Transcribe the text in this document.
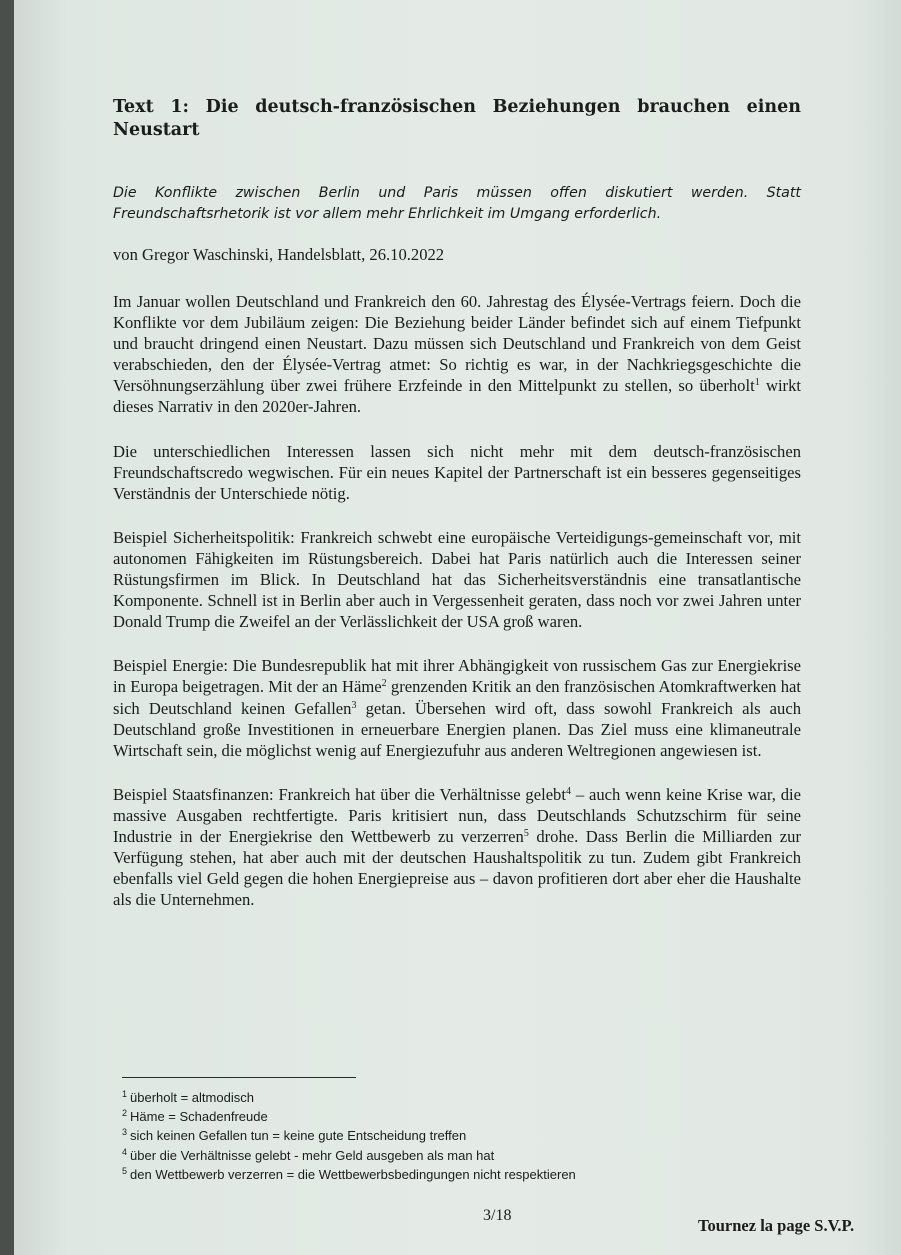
Text 1: Die deutsch-französischen Beziehungen brauchen einen Neustart
Die Konflikte zwischen Berlin und Paris müssen offen diskutiert werden. Statt Freundschaftsrhetorik ist vor allem mehr Ehrlichkeit im Umgang erforderlich.
von Gregor Waschinski, Handelsblatt, 26.10.2022

Im Januar wollen Deutschland und Frankreich den 60. Jahrestag des Élysée-Vertrags feiern. Doch die Konflikte vor dem Jubiläum zeigen: Die Beziehung beider Länder befindet sich auf einem Tiefpunkt und braucht dringend einen Neustart. Dazu müssen sich Deutschland und Frankreich von dem Geist verabschieden, den der Élysée-Vertrag atmet: So richtig es war, in der Nachkriegsgeschichte die Versöhnungserzählung über zwei frühere Erzfeinde in den Mittelpunkt zu stellen, so überholt$^1$ wirkt dieses Narrativ in den 2020er-Jahren.

Die unterschiedlichen Interessen lassen sich nicht mehr mit dem deutsch-französischen Freundschaftscredo wegwischen. Für ein neues Kapitel der Partnerschaft ist ein besseres gegenseitiges Verständnis der Unterschiede nötig.

Beispiel Sicherheitspolitik: Frankreich schwebt eine europäische Verteidigungs-gemeinschaft vor, mit autonomen Fähigkeiten im Rüstungsbereich. Dabei hat Paris natürlich auch die Interessen seiner Rüstungsfirmen im Blick. In Deutschland hat das Sicherheitsverständnis eine transatlantische Komponente. Schnell ist in Berlin aber auch in Vergessenheit geraten, dass noch vor zwei Jahren unter Donald Trump die Zweifel an der Verlässlichkeit der USA groß waren.

Beispiel Energie: Die Bundesrepublik hat mit ihrer Abhängigkeit von russischem Gas zur Energiekrise in Europa beigetragen. Mit der an Häme$^2$ grenzenden Kritik an den französischen Atomkraftwerken hat sich Deutschland keinen Gefallen$^3$ getan. Übersehen wird oft, dass sowohl Frankreich als auch Deutschland große Investitionen in erneuerbare Energien planen. Das Ziel muss eine klimaneutrale Wirtschaft sein, die möglichst wenig auf Energiezufuhr aus anderen Weltregionen angewiesen ist.

Beispiel Staatsfinanzen: Frankreich hat über die Verhältnisse gelebt$^4$ – auch wenn keine Krise war, die massive Ausgaben rechtfertigte. Paris kritisiert nun, dass Deutschlands Schutzschirm für seine Industrie in der Energiekrise den Wettbewerb zu verzerren$^5$ drohe. Dass Berlin die Milliarden zur Verfügung stehen, hat aber auch mit der deutschen Haushaltspolitik zu tun. Zudem gibt Frankreich ebenfalls viel Geld gegen die hohen Energiepreise aus – davon profitieren dort aber eher die Haushalte als die Unternehmen.

$^1$ überholt = altmodisch
$^2$ Häme = Schadenfreude
$^3$ sich keinen Gefallen tun = keine gute Entscheidung treffen
$^4$ über die Verhältnisse gelebt - mehr Geld ausgeben als man hat
$^5$ den Wettbewerb verzerren = die Wettbewerbsbedingungen nicht respektieren
3/18
Tournez la page S.V.P.
